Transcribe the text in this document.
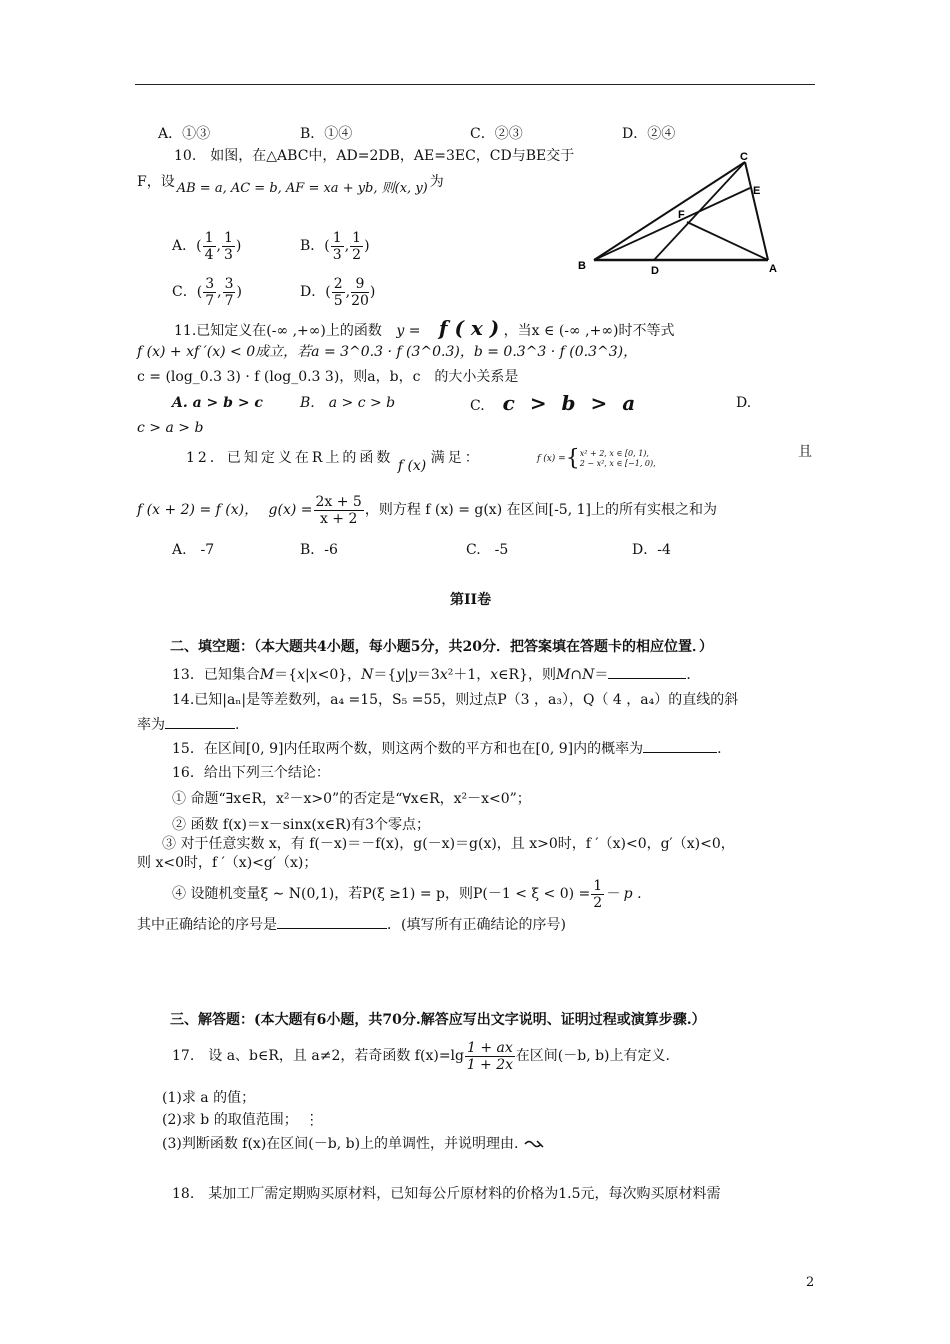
A．①③	B．①④	C．②③	D．②④
10.　如图，在△ABC中，AD=2DB，AE=3EC，CD与BE交于
F，设 AB = a, AC = b, AF = xa + yb, 则(x, y) 为
A．( $\frac{1}{4}$ , $\frac{1}{3}$ )	B．( $\frac{1}{3}$ , $\frac{1}{2}$ )
C．( $\frac{3}{7}$ , $\frac{3}{7}$ )	D．( $\frac{2}{5}$ , $\frac{9}{20}$ )
C
E
F
B	D	A
11.已知定义在(-∞ ,+∞)上的函数 y = f ( x ) ，当x ∈ (-∞ ,+∞)时不等式
f (x) + xf ′(x) < 0成立，若a = 3^0.3 · f (3^0.3)，b = 0.3^3 · f (0.3^3)，
c = (log_0.3 3) · f (log_0.3 3)，则a，b，c　的大小关系是
A. a > b > c	B.　a > c > b	C. c > b > a	D.
c > a > b
12．已知定义在R上的函数 f (x) 满足：	f (x) ={ x² + 2, x ∈ [0, 1),
2 − x², x ∈ [−1, 0),
且
f (x + 2) = f (x)， $g(x) = \frac{2x + 5}{x + 2}$ ，则方程 f (x) = g(x) 在区间[-5, 1]上的所有实根之和为
A.　-7	B．-6	C.　-5	D．-4
第II卷
二、填空题：（本大题共4小题，每小题5分，共20分．把答案填在答题卡的相应位置．）
13．已知集合M＝{x|x<0}，N＝{y|y＝3x²＋1，x∈R}，则M∩N＝	．
14.已知|aₙ|是等差数列，a₄ =15，S₅ =55，则过点P（3 ，a₃），Q（ 4 ，a₄）的直线的斜
率为	.
15．在区间[0, 9]内任取两个数，则这两个数的平方和也在[0, 9]内的概率为	.
16．给出下列三个结论：
① 命题“∃x∈R，x²－x>0”的否定是“∀x∈R，x²－x<0”；
② 函数 f(x)＝x－sinx(x∈R)有3个零点；
③ 对于任意实数 x，有 f(－x)＝－f(x)，g(－x)＝g(x)，且 x>0时，f ′（x)<0，g′（x)<0，
则 x<0时，f ′（x)<g′（x)；
④ 设随机变量ξ ∼ N(0,1)，若P(ξ ≥1) = p，则$P(-1 < \xi < 0) = \frac{1}{2} - p$ .
其中正确结论的序号是	．(填写所有正确结论的序号)
三、解答题：(本大题有6小题，共70分.解答应写出文字说明、证明过程或演算步骤.）
17.　设 a、b∈R，且 a≠2，若奇函数 $f(x)=\lg \frac{1 + ax}{1 + 2x}$ 在区间(－b, b)上有定义.
(1)求 a 的值；
(2)求 b 的取值范围；　⋮
(3)判断函数 f(x)在区间(－b, b)上的单调性，并说明理由.
18.　某加工厂需定期购买原材料，已知每公斤原材料的价格为1.5元，每次购买原材料需
2
